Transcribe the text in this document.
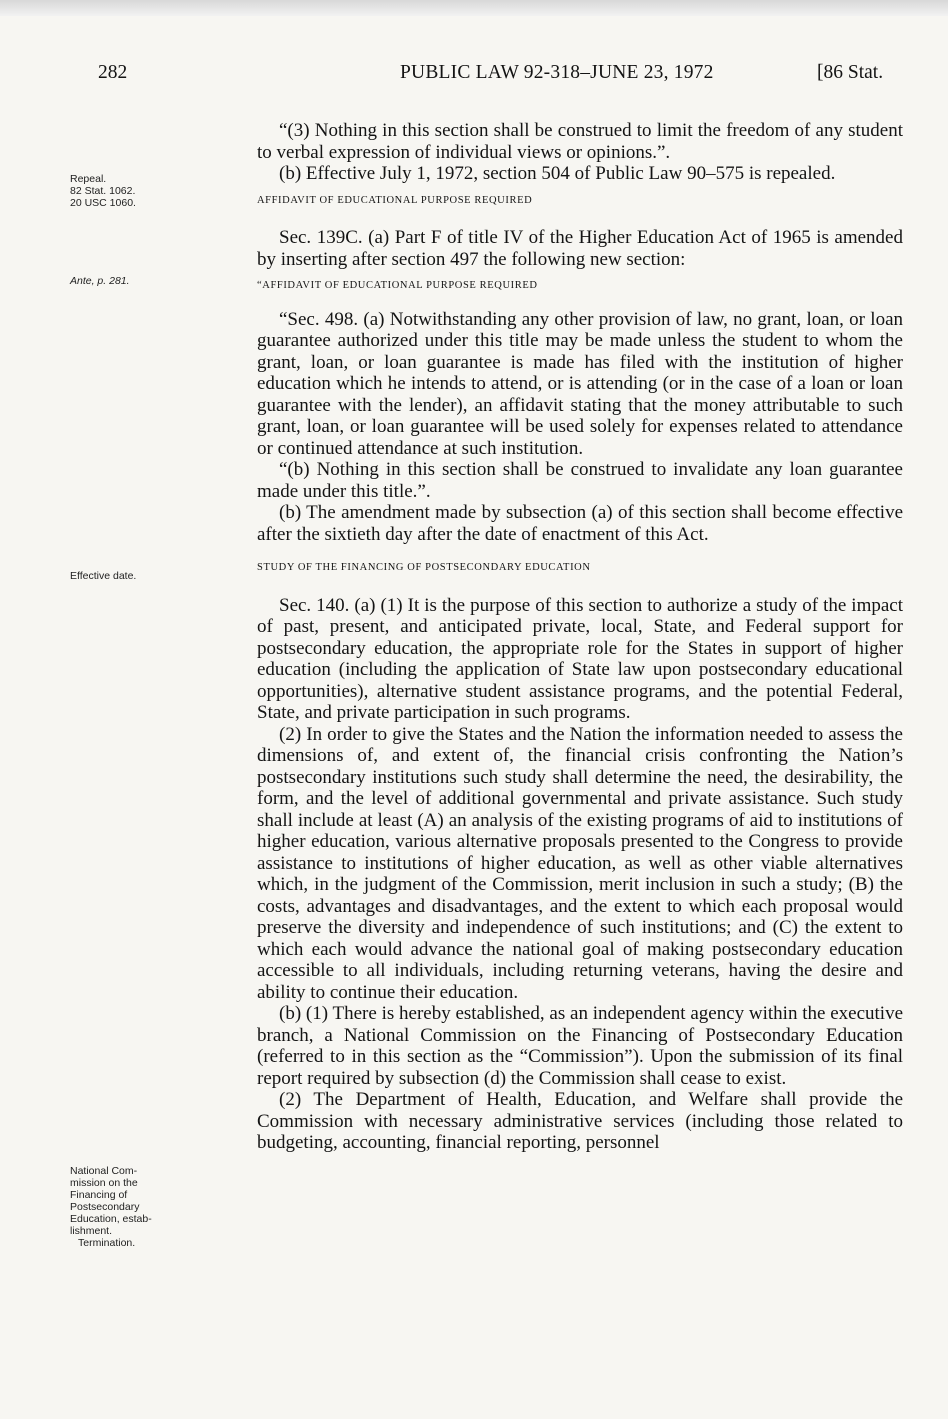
282	PUBLIC LAW 92-318–JUNE 23, 1972	[86 Stat.
Repeal.
82 Stat. 1062.
20 USC 1060.
Ante, p. 281.
Effective date.
National Com-
mission on the
Financing of
Postsecondary
Education, estab-
lishment.
Termination.

“(3) Nothing in this section shall be construed to limit the freedom of any student to verbal expression of individual views or opinions.”.

(b) Effective July 1, 1972, section 504 of Public Law 90–575 is repealed.

AFFIDAVIT OF EDUCATIONAL PURPOSE REQUIRED

Sec. 139C. (a) Part F of title IV of the Higher Education Act of 1965 is amended by inserting after section 497 the following new section:

“AFFIDAVIT OF EDUCATIONAL PURPOSE REQUIRED

“Sec. 498. (a) Notwithstanding any other provision of law, no grant, loan, or loan guarantee authorized under this title may be made unless the student to whom the grant, loan, or loan guarantee is made has filed with the institution of higher education which he intends to attend, or is attending (or in the case of a loan or loan guarantee with the lender), an affidavit stating that the money attributable to such grant, loan, or loan guarantee will be used solely for expenses related to attendance or continued attendance at such institution.

“(b) Nothing in this section shall be construed to invalidate any loan guarantee made under this title.”.

(b) The amendment made by subsection (a) of this section shall become effective after the sixtieth day after the date of enactment of this Act.

STUDY OF THE FINANCING OF POSTSECONDARY EDUCATION

Sec. 140. (a) (1) It is the purpose of this section to authorize a study of the impact of past, present, and anticipated private, local, State, and Federal support for postsecondary education, the appropriate role for the States in support of higher education (including the application of State law upon postsecondary educational opportunities), alternative student assistance programs, and the potential Federal, State, and private participation in such programs.

(2) In order to give the States and the Nation the information needed to assess the dimensions of, and extent of, the financial crisis confronting the Nation’s postsecondary institutions such study shall determine the need, the desirability, the form, and the level of additional governmental and private assistance. Such study shall include at least (A) an analysis of the existing programs of aid to institutions of higher education, various alternative proposals presented to the Congress to provide assistance to institutions of higher education, as well as other viable alternatives which, in the judgment of the Commission, merit inclusion in such a study; (B) the costs, advantages and disadvantages, and the extent to which each proposal would preserve the diversity and independence of such institutions; and (C) the extent to which each would advance the national goal of making postsecondary education accessible to all individuals, including returning veterans, having the desire and ability to continue their education.

(b) (1) There is hereby established, as an independent agency within the executive branch, a National Commission on the Financing of Postsecondary Education (referred to in this section as the “Commission”). Upon the submission of its final report required by subsection (d) the Commission shall cease to exist.

(2) The Department of Health, Education, and Welfare shall provide the Commission with necessary administrative services (including those related to budgeting, accounting, financial reporting, personnel
